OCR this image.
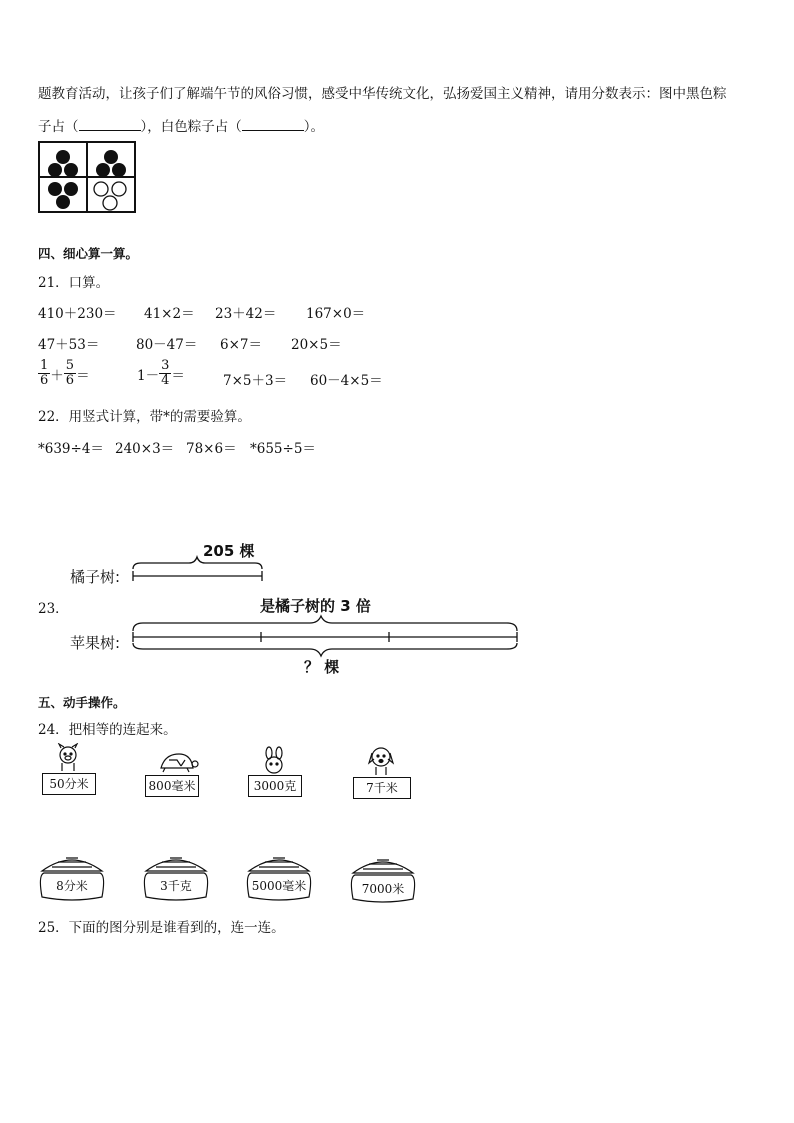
题教育活动，让孩子们了解端午节的风俗习惯，感受中华传统文化，弘扬爱国主义精神，请用分数表示：图中黑色粽
子占（	），白色粽子占（	）。
四、细心算一算。
21．口算。
410＋230＝ 41×2＝ 23＋42＝ 167×0＝
47＋53＝	80－47＝ 6×7＝ 20×5＝
$\frac{1}{6} + \frac{5}{6}$ ＝	$1- \frac{3}{4}$ ＝	7×5＋3＝ 60－4×5＝
22．用竖式计算，带*的需要验算。
*639÷4＝ 240×3＝ 78×6＝ *655÷5＝
23．
205 棵
橘子树:
是橘子树的 3 倍
苹果树:
？ 棵
五、动手操作。
24．把相等的连起来。
50分米	800毫米	3000克	7千米
8分米	3千克	5000毫米	7000米
25．下面的图分别是谁看到的，连一连。
